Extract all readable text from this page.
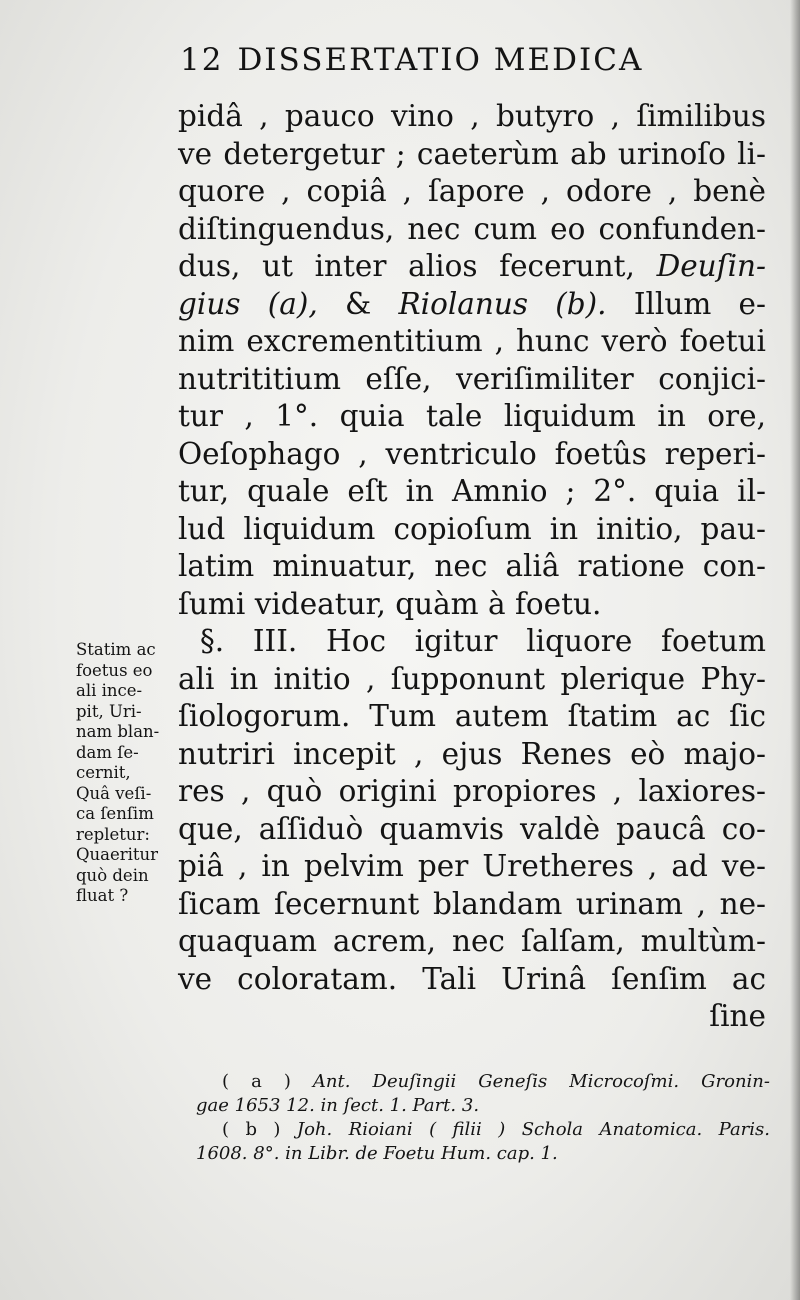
12 DISSERTATIO MEDICA
pidâ , pauco vino , butyro , ſimilibus
ve detergetur ; caeterùm ab urinoſo li-
quore , copiâ , ſapore , odore , benè
diſtinguendus, nec cum eo confunden-
dus, ut inter alios fecerunt, Deuſin-
gius (a), & Riolanus (b). Illum e-
nim excrementitium , hunc verò foetui
nutrititium eſſe, veriſimiliter conjici-
tur , 1°. quia tale liquidum in ore,
Oeſophago , ventriculo foetûs reperi-
tur, quale eſt in Amnio ; 2°. quia il-
lud liquidum copioſum in initio, pau-
latim minuatur, nec aliâ ratione con-
ſumi videatur, quàm à foetu.
§. III. Hoc igitur liquore foetum
ali in initio , ſupponunt plerique Phy-
ſiologorum. Tum autem ſtatim ac ſic
nutriri incepit , ejus Renes eò majo-
res , quò origini propiores , laxiores-
que, aſſiduò quamvis valdè paucâ co-
piâ , in pelvim per Uretheres , ad ve-
ſicam ſecernunt blandam urinam , ne-
quaquam acrem, nec ſalſam, multùm-
ve coloratam. Tali Urinâ ſenſim ac
ſine
Statim ac
foetus eo
ali ince-
pit, Uri-
nam blan-
dam ſe-
cernit,
Quâ veſi-
ca ſenſim
repletur:
Quaeritur
quò dein
fluat ?
( a ) Ant. Deuſingii Geneſis Microcoſmi. Gronin-
gae 1653 12. in ſect. 1. Part. 3.
( b ) Joh. Rioiani ( filii ) Schola Anatomica. Paris.
1608. 8°. in Libr. de Foetu Hum. cap. 1.
